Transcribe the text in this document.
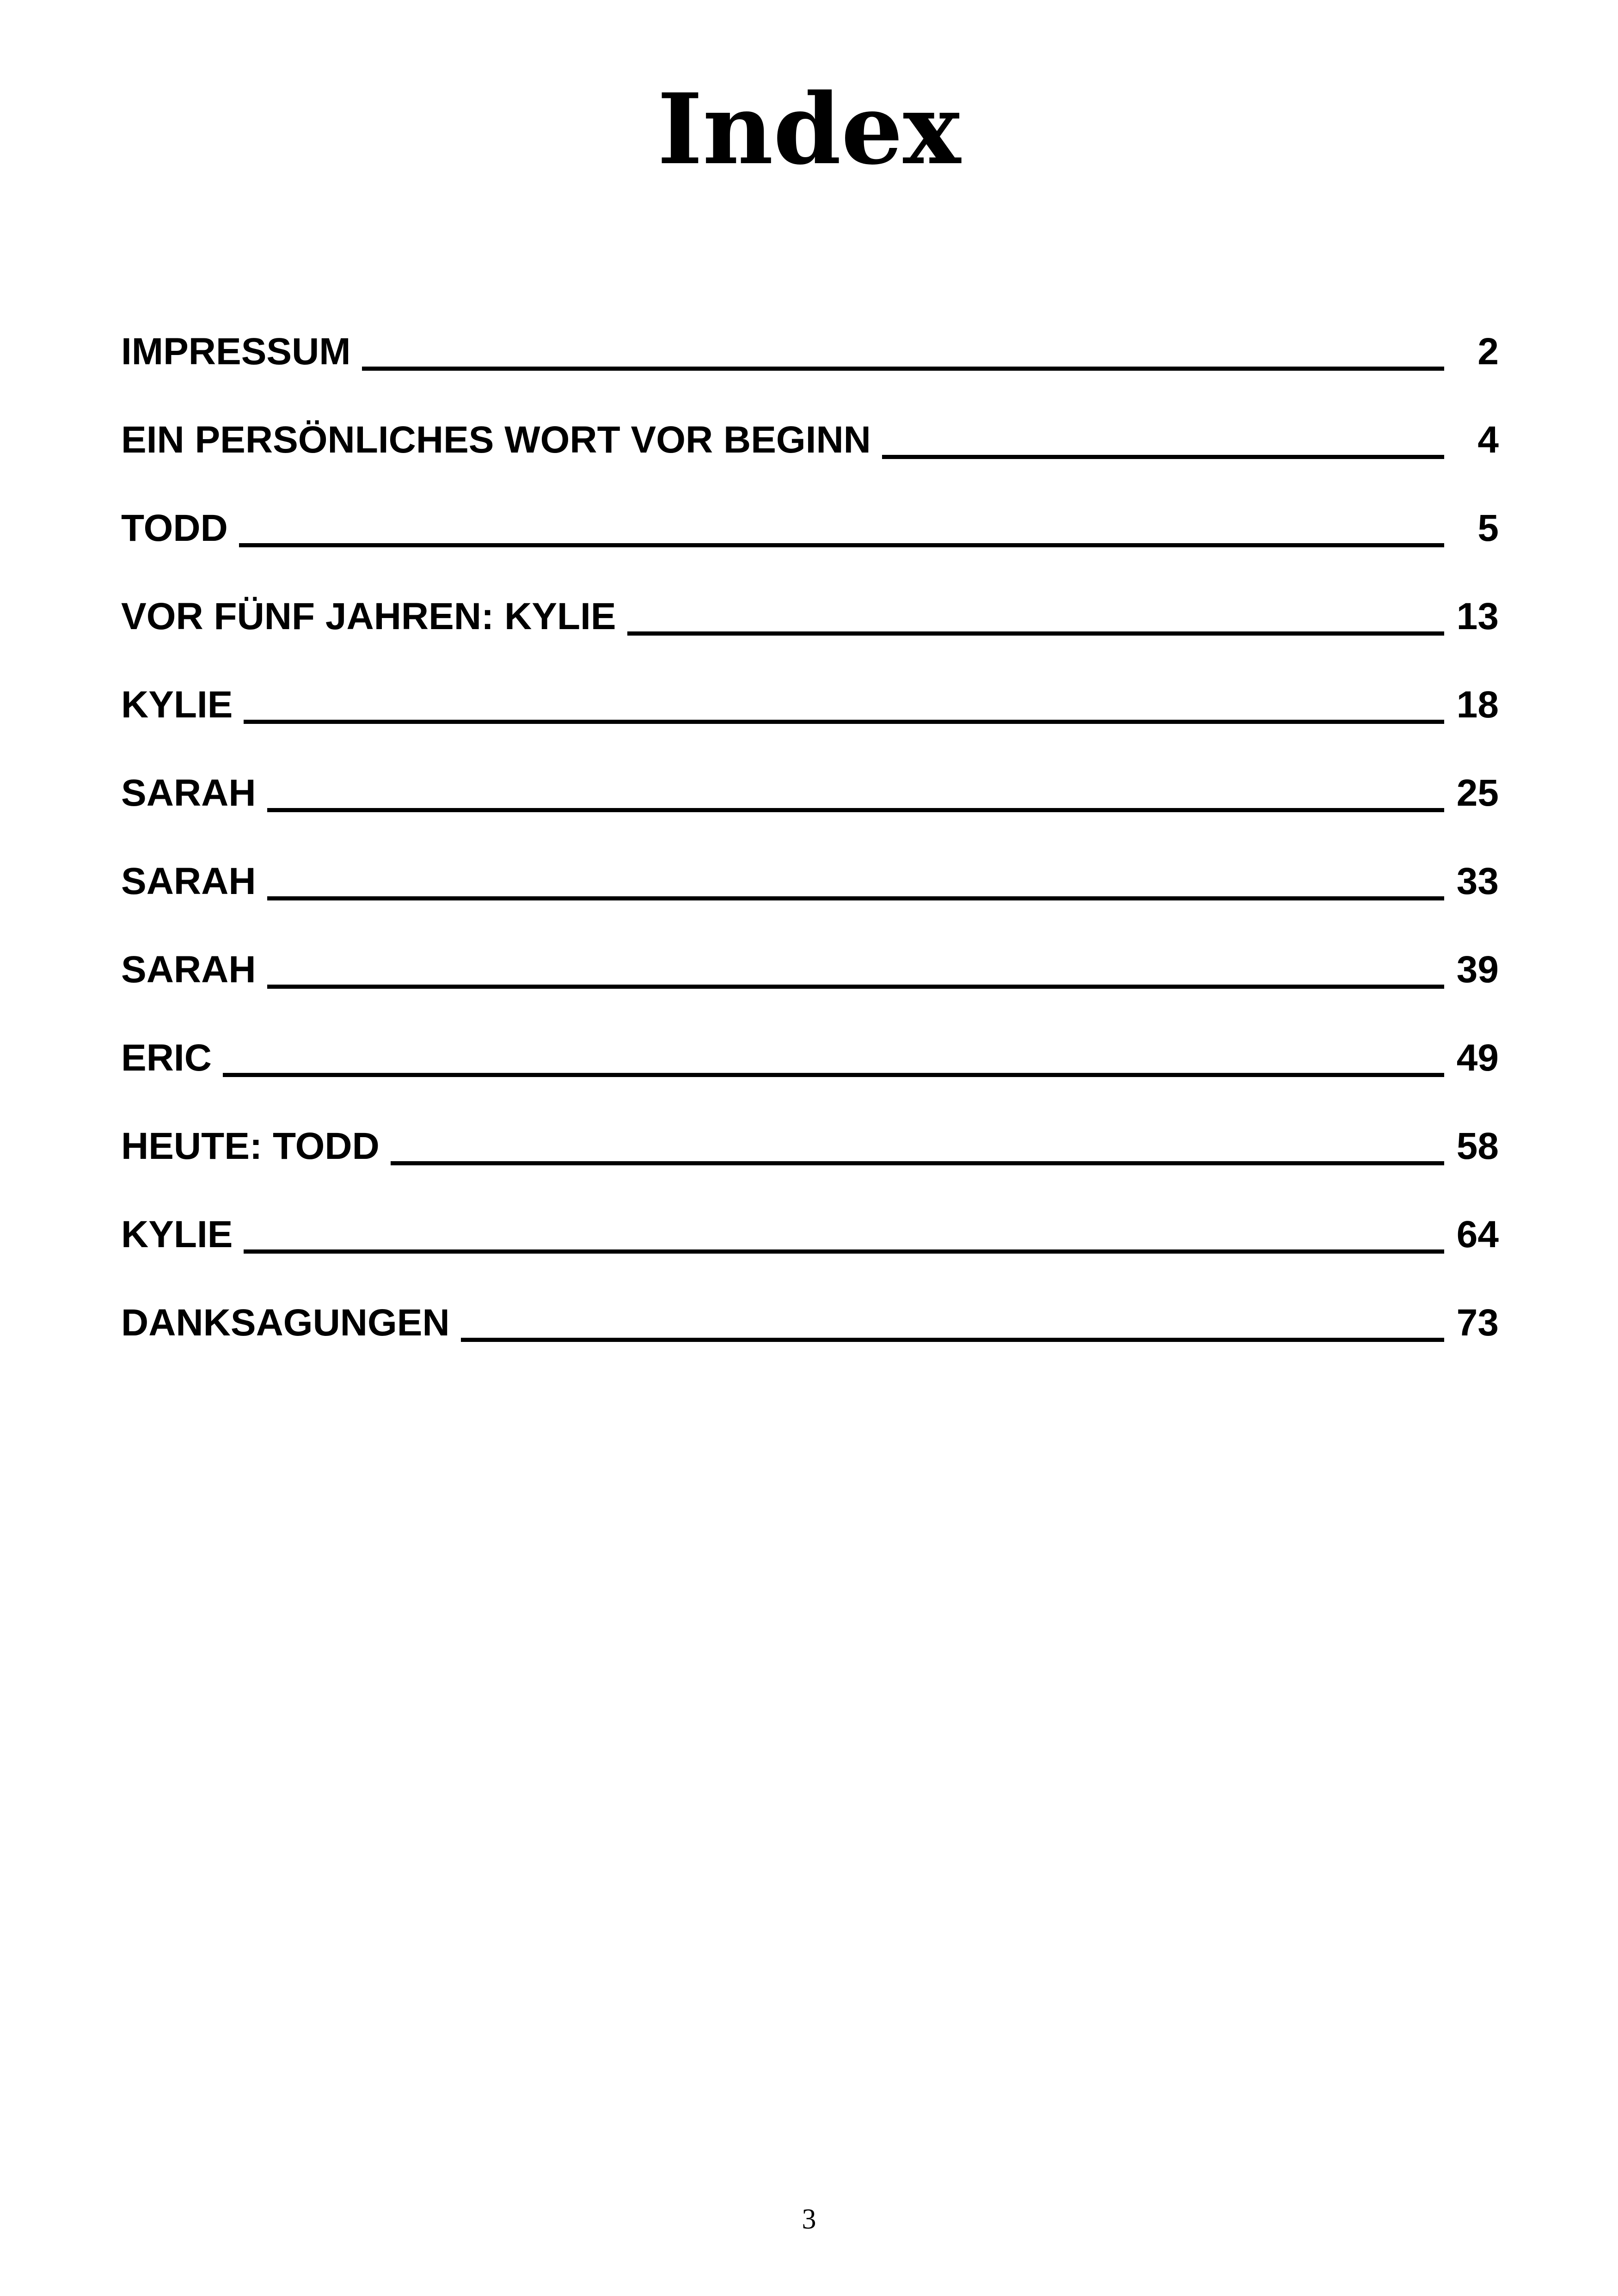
Index
IMPRESSUM	2
EIN PERSÖNLICHES WORT VOR BEGINN	4
TODD	5
VOR FÜNF JAHREN: KYLIE	13
KYLIE	18
SARAH	25
SARAH	33
SARAH	39
ERIC	49
HEUTE: TODD	58
KYLIE	64
DANKSAGUNGEN	73
3
